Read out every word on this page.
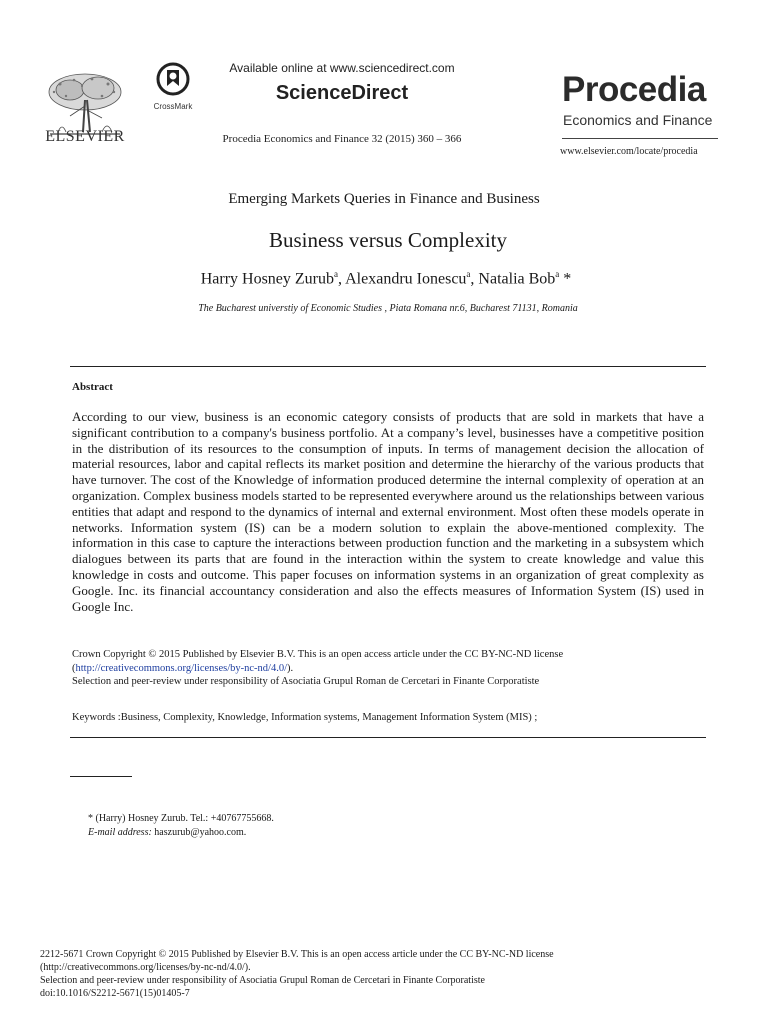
ELSEVIER
CrossMark
Available online at www.sciencedirect.com
ScienceDirect
Procedia Economics and Finance 32 (2015) 360 – 366
Procedia
Economics and Finance
www.elsevier.com/locate/procedia
Emerging Markets Queries in Finance and Business
Business versus Complexity
Harry Hosney Zurub$^a$, Alexandru Ionescu$^a$, Natalia Bob$^a$ *
The Bucharest universtiy of Economic Studies , Piata Romana nr.6, Bucharest 71131, Romania
Abstract
According to our view, business is an economic category consists of products that are sold in markets that have a significant contribution to a company's business portfolio. At a company’s level, businesses have a competitive position in the distribution of its resources to the consumption of inputs. In terms of management decision the allocation of material resources, labor and capital reflects its market position and determine the hierarchy of the various products that have turnover. The cost of the Knowledge of information produced determine the internal complexity of operation at an organization. Complex business models started to be represented everywhere around us the relationships between various entities that adapt and respond to the dynamics of internal and external environment. Most often these models operate in networks. Information system (IS) can be a modern solution to explain the above-mentioned complexity. The information in this case to capture the interactions between production function and the marketing in a subsystem which dialogues between its parts that are found in the interaction within the system to create knowledge and value this knowledge in costs and outcome. This paper focuses on information systems in an organization of great complexity as Google. Inc. its financial accountancy consideration and also the effects measures of Information System (IS) used in Google Inc.
Crown Copyright © 2015 Published by Elsevier B.V. This is an open access article under the CC BY-NC-ND license
(http://creativecommons.org/licenses/by-nc-nd/4.0/).
Selection and peer-review under responsibility of Asociatia Grupul Roman de Cercetari in Finante Corporatiste
Keywords :Business, Complexity, Knowledge, Information systems, Management Information System (MIS) ;
* (Harry) Hosney Zurub. Tel.: +40767755668.
E-mail address: haszurub@yahoo.com.
2212-5671 Crown Copyright © 2015 Published by Elsevier B.V. This is an open access article under the CC BY-NC-ND license
(http://creativecommons.org/licenses/by-nc-nd/4.0/).
Selection and peer-review under responsibility of Asociatia Grupul Roman de Cercetari in Finante Corporatiste
doi:10.1016/S2212-5671(15)01405-7
